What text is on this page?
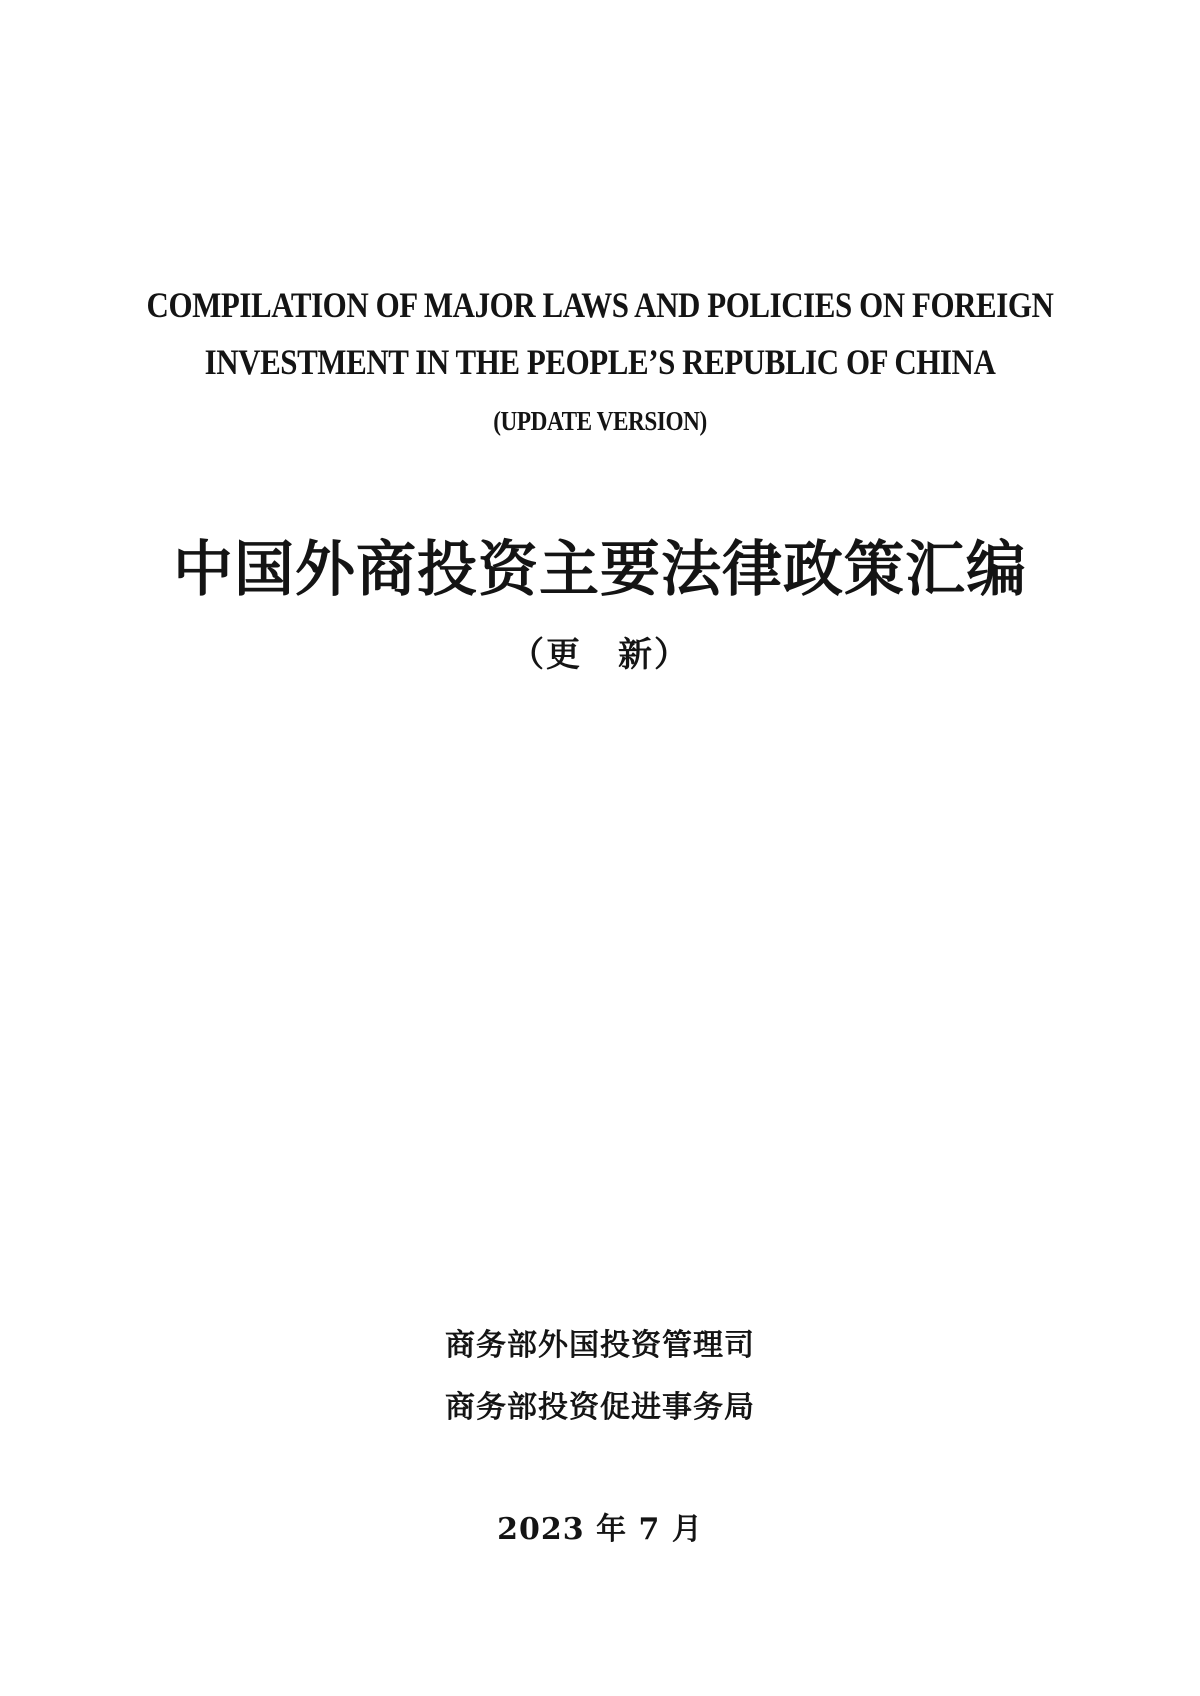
COMPILATION OF MAJOR LAWS AND POLICIES ON FOREIGN
INVESTMENT IN THE PEOPLE’S REPUBLIC OF CHINA
(UPDATE VERSION)
中国外商投资主要法律政策汇编
（更　新）
商务部外国投资管理司
商务部投资促进事务局
2023 年 7 月
